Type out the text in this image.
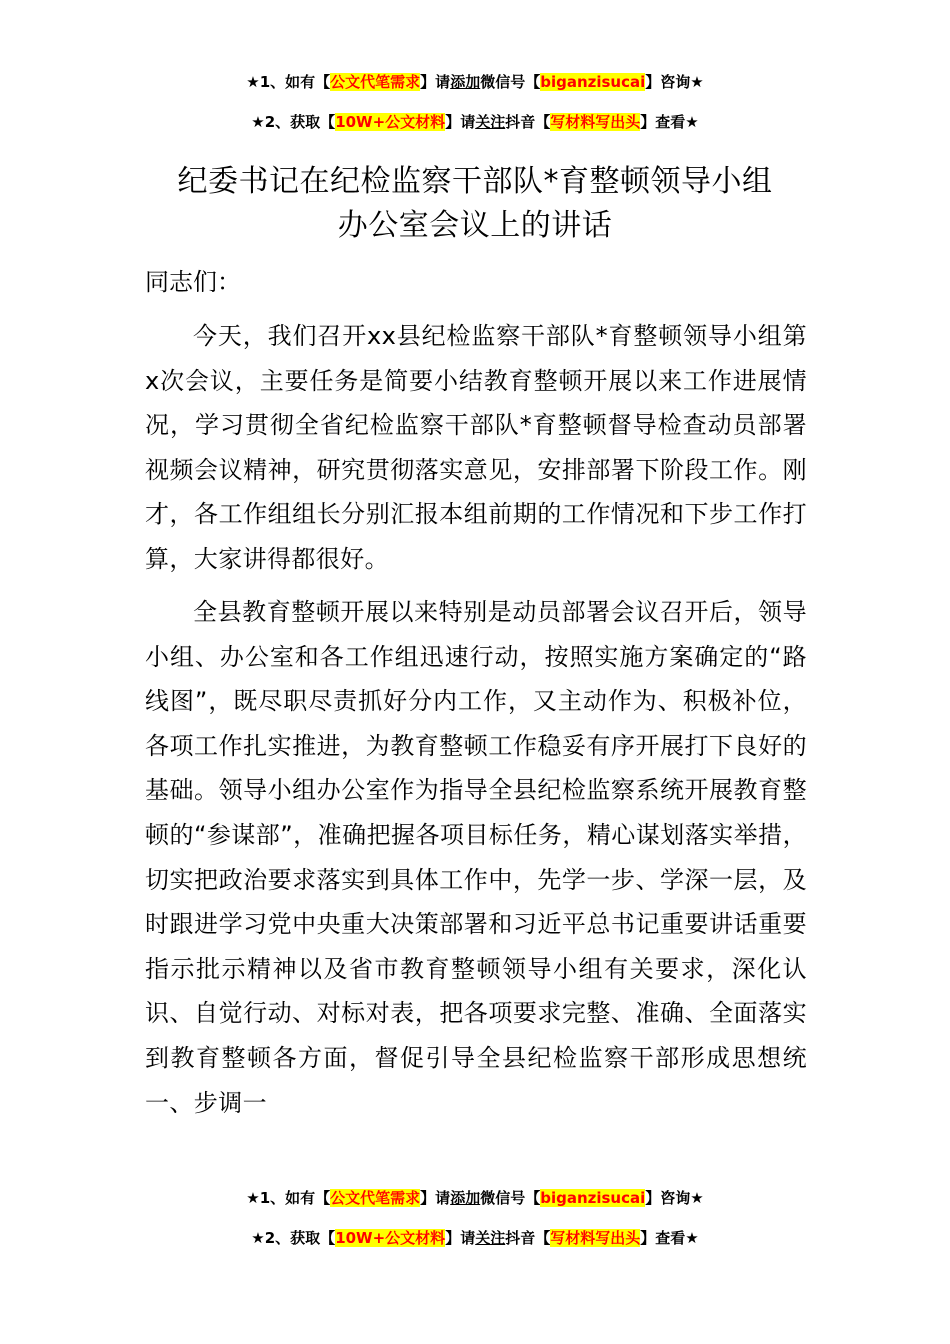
★1、如有【公文代笔需求】请添加微信号【biganzisucai】咨询★
★2、获取【10W+公文材料】请关注抖音【写材料写出头】查看★
纪委书记在纪检监察干部队*育整顿领导小组
办公室会议上的讲话
同志们：

今天，我们召开xx县纪检监察干部队*育整顿领导小组第x次会议，主要任务是简要小结教育整顿开展以来工作进展情况，学习贯彻全省纪检监察干部队*育整顿督导检查动员部署视频会议精神，研究贯彻落实意见，安排部署下阶段工作。刚才，各工作组组长分别汇报本组前期的工作情况和下步工作打算，大家讲得都很好。

全县教育整顿开展以来特别是动员部署会议召开后，领导小组、办公室和各工作组迅速行动，按照实施方案确定的“路线图”，既尽职尽责抓好分内工作，又主动作为、积极补位，各项工作扎实推进，为教育整顿工作稳妥有序开展打下良好的基础。领导小组办公室作为指导全县纪检监察系统开展教育整顿的“参谋部”，准确把握各项目标任务，精心谋划落实举措，切实把政治要求落实到具体工作中，先学一步、学深一层，及时跟进学习党中央重大决策部署和习近平总书记重要讲话重要指示批示精神以及省市教育整顿领导小组有关要求，深化认识、自觉行动、对标对表，把各项要求完整、准确、全面落实到教育整顿各方面，督促引导全县纪检监察干部形成思想统一、步调一

★1、如有【公文代笔需求】请添加微信号【biganzisucai】咨询★
★2、获取【10W+公文材料】请关注抖音【写材料写出头】查看★
